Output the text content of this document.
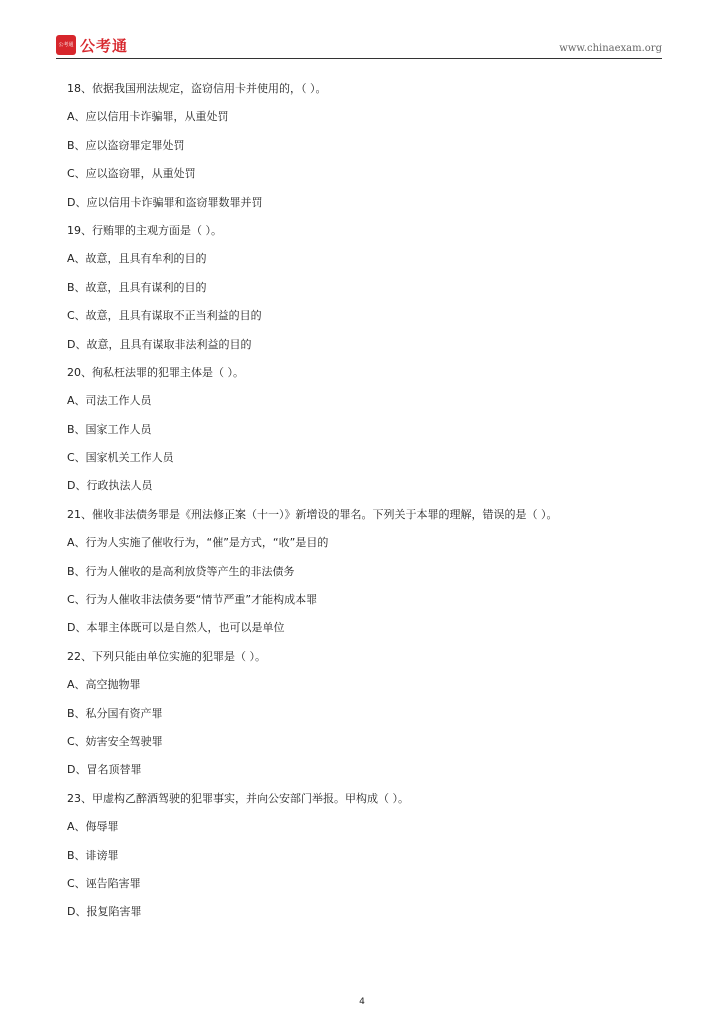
公考通 公考通	www.chinaexam.org
18、依据我国刑法规定，盗窃信用卡并使用的，（ ）。
A、应以信用卡诈骗罪，从重处罚
B、应以盗窃罪定罪处罚
C、应以盗窃罪，从重处罚
D、应以信用卡诈骗罪和盗窃罪数罪并罚
19、行贿罪的主观方面是（ ）。
A、故意，且具有牟利的目的
B、故意，且具有谋利的目的
C、故意，且具有谋取不正当利益的目的
D、故意，且具有谋取非法利益的目的
20、徇私枉法罪的犯罪主体是（ ）。
A、司法工作人员
B、国家工作人员
C、国家机关工作人员
D、行政执法人员
21、催收非法债务罪是《刑法修正案（十一）》新增设的罪名。下列关于本罪的理解，错误的是（ ）。
A、行为人实施了催收行为，“催”是方式，“收”是目的
B、行为人催收的是高利放贷等产生的非法债务
C、行为人催收非法债务要“情节严重”才能构成本罪
D、本罪主体既可以是自然人，也可以是单位
22、下列只能由单位实施的犯罪是（ ）。
A、高空抛物罪
B、私分国有资产罪
C、妨害安全驾驶罪
D、冒名顶替罪
23、甲虚构乙醉酒驾驶的犯罪事实，并向公安部门举报。甲构成（ ）。
A、侮辱罪
B、诽谤罪
C、诬告陷害罪
D、报复陷害罪
4
